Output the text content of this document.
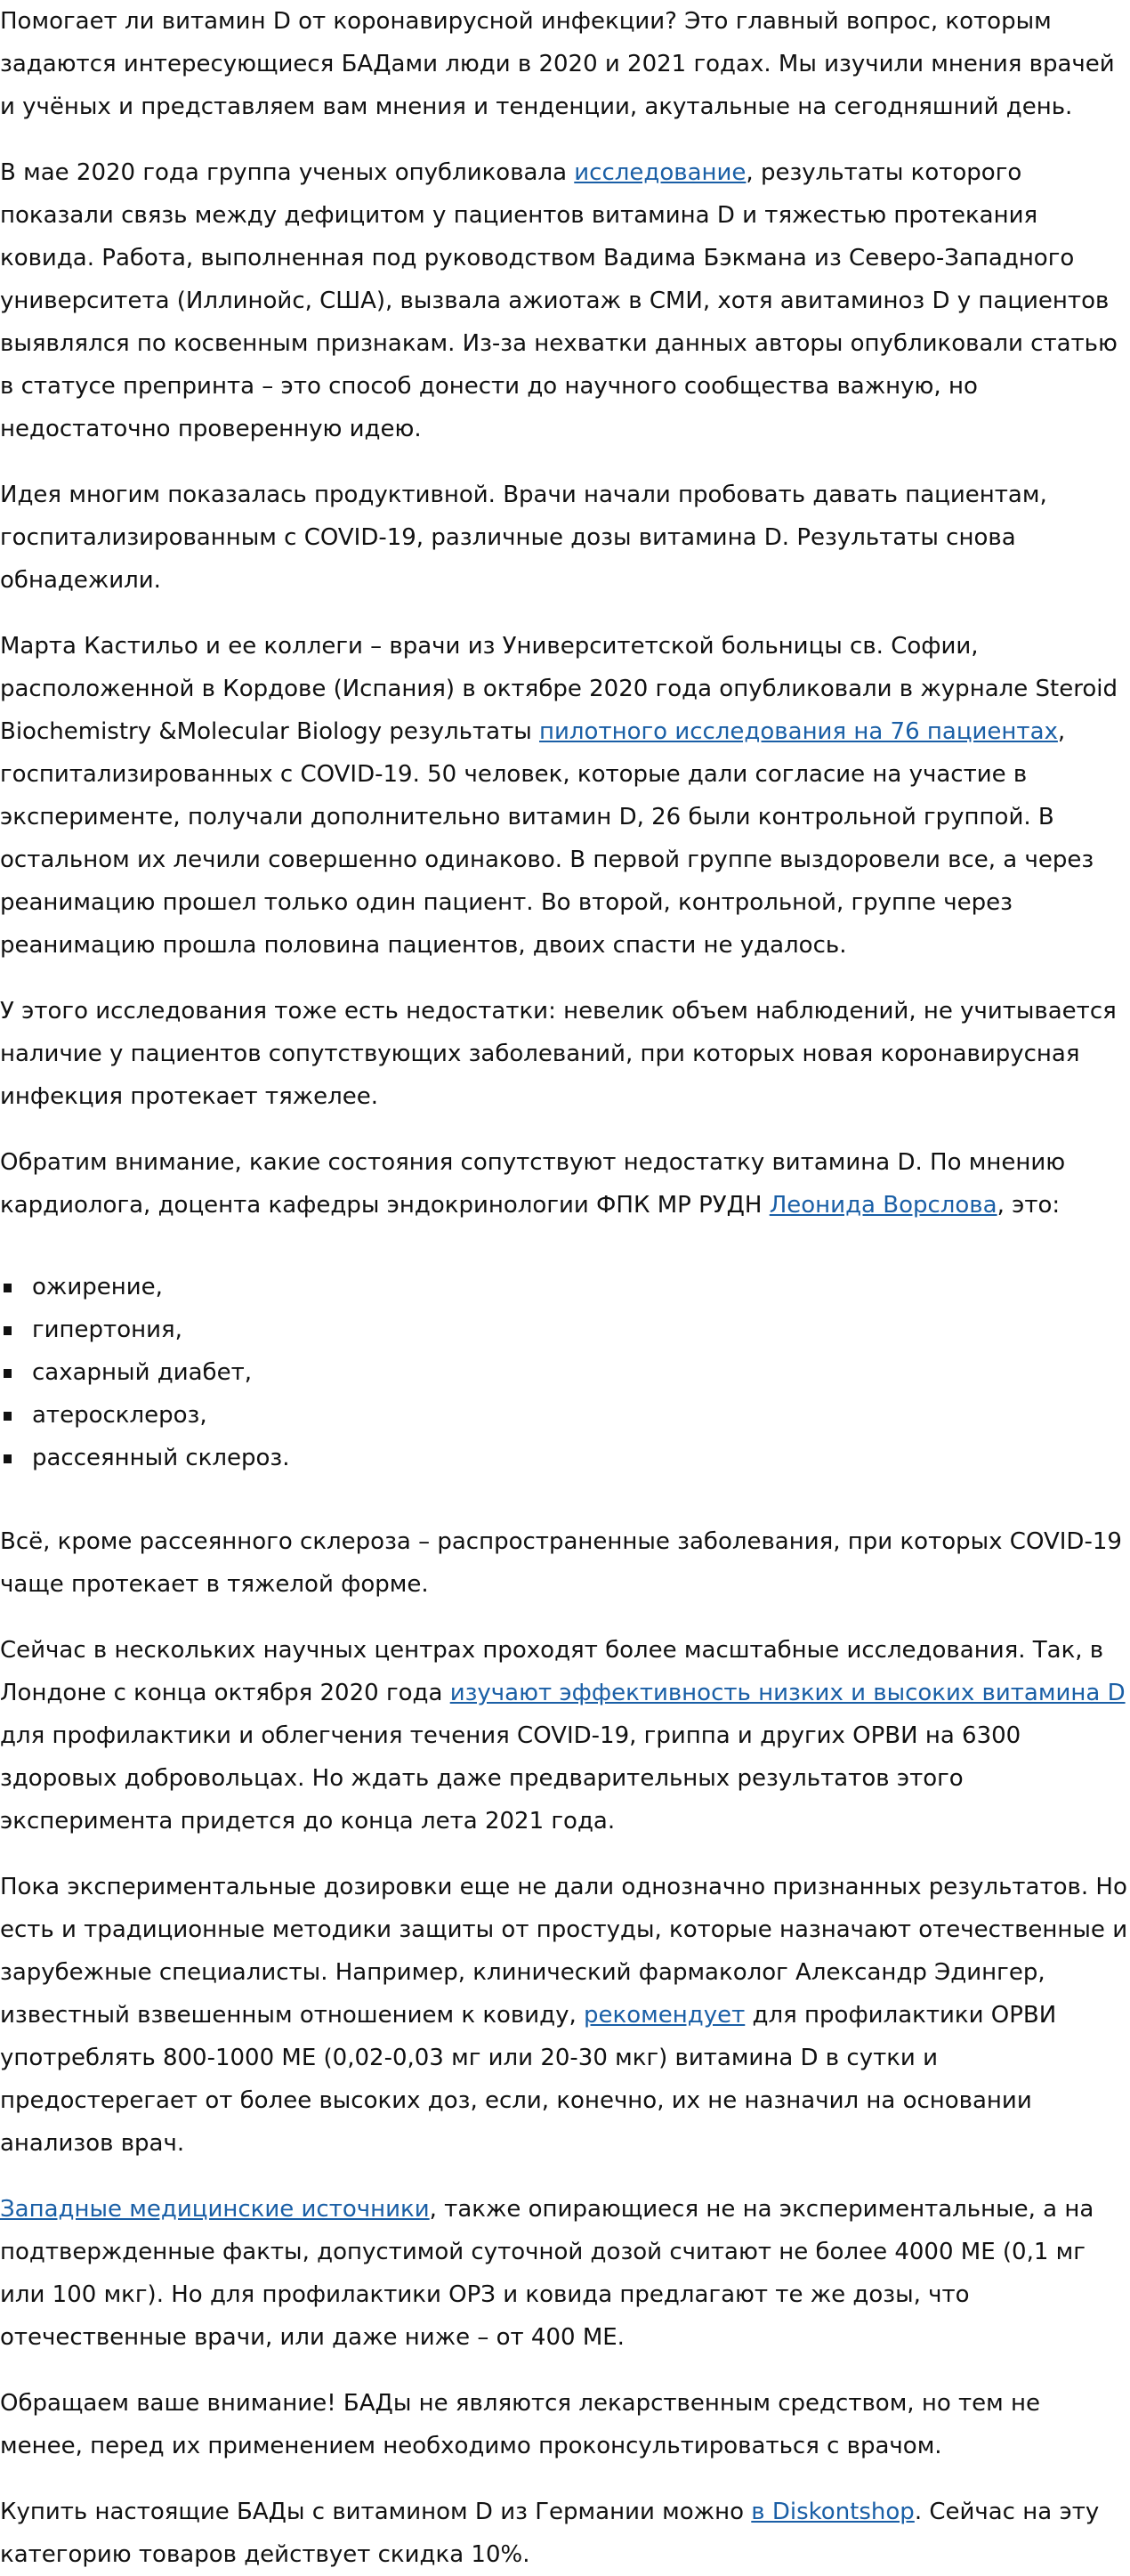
Помогает ли витамин D от коронавирусной инфекции? Это главный вопрос, которым задаются интересующиеся БАДами люди в 2020 и 2021 годах. Мы изучили мнения врачей и учёных и представляем вам мнения и тенденции, акутальные на сегодняшний день.

В мае 2020 года группа ученых опубликовала исследование, результаты которого показали связь между дефицитом у пациентов витамина D и тяжестью протекания ковида. Работа, выполненная под руководством Вадима Бэкмана из Северо-Западного университета (Иллинойс, США), вызвала ажиотаж в СМИ, хотя авитаминоз D у пациентов выявлялся по косвенным признакам. Из-за нехватки данных авторы опубликовали статью в статусе препринта – это способ донести до научного сообщества важную, но недостаточно проверенную идею.

Идея многим показалась продуктивной. Врачи начали пробовать давать пациентам, госпитализированным с COVID-19, различные дозы витамина D. Результаты снова обнадежили.

Марта Кастильо и ее коллеги – врачи из Университетской больницы св. Софии, расположенной в Кордове (Испания) в октябре 2020 года опубликовали в журнале Steroid Biochemistry &Molecular Biology результаты пилотного исследования на 76 пациентах, госпитализированных с COVID-19. 50 человек, которые дали согласие на участие в эксперименте, получали дополнительно витамин D, 26 были контрольной группой. В остальном их лечили совершенно одинаково. В первой группе выздоровели все, а через реанимацию прошел только один пациент. Во второй, контрольной, группе через реанимацию прошла половина пациентов, двоих спасти не удалось.

У этого исследования тоже есть недостатки: невелик объем наблюдений, не учитывается наличие у пациентов сопутствующих заболеваний, при которых новая коронавирусная инфекция протекает тяжелее.

Обратим внимание, какие состояния сопутствуют недостатку витамина D. По мнению кардиолога, доцента кафедры эндокринологии ФПК МР РУДН Леонида Ворслова, это:

ожирение,
гипертония,
сахарный диабет,
атеросклероз,
рассеянный склероз.

Всё, кроме рассеянного склероза – распространенные заболевания, при которых COVID-19 чаще протекает в тяжелой форме.

Сейчас в нескольких научных центрах проходят более масштабные исследования. Так, в Лондоне с конца октября 2020 года изучают эффективность низких и высоких витамина D для профилактики и облегчения течения COVID-19, гриппа и других ОРВИ на 6300 здоровых добровольцах. Но ждать даже предварительных результатов этого эксперимента придется до конца лета 2021 года.

Пока экспериментальные дозировки еще не дали однозначно признанных результатов. Но есть и традиционные методики защиты от простуды, которые назначают отечественные и зарубежные специалисты. Например, клинический фармаколог Александр Эдингер, известный взвешенным отношением к ковиду, рекомендует для профилактики ОРВИ употреблять 800-1000 МЕ (0,02-0,03 мг или 20-30 мкг) витамина D в сутки и предостерегает от более высоких доз, если, конечно, их не назначил на основании анализов врач.

Западные медицинские источники, также опирающиеся не на экспериментальные, а на подтвержденные факты, допустимой суточной дозой считают не более 4000 МЕ (0,1 мг или 100 мкг). Но для профилактики ОРЗ и ковида предлагают те же дозы, что отечественные врачи, или даже ниже – от 400 МЕ.

Обращаем ваше внимание! БАДы не являются лекарственным средством, но тем не менее, перед их применением необходимо проконсультироваться с врачом.

Купить настоящие БАДы с витамином D из Германии можно в Diskontshop. Сейчас на эту категорию товаров действует скидка 10%.
